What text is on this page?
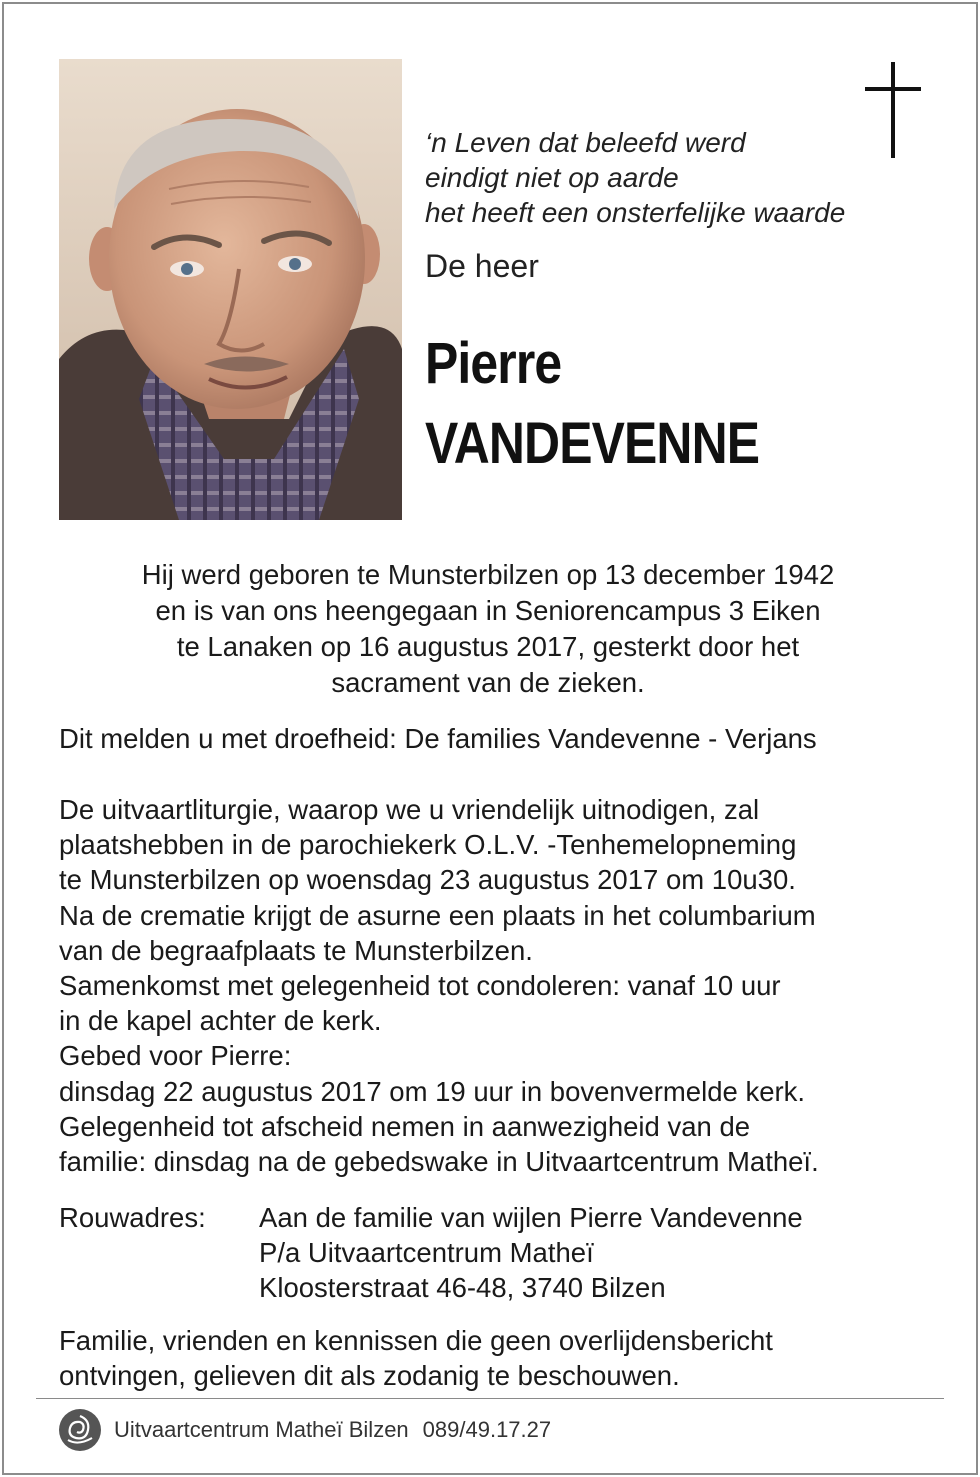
‘n Leven dat beleefd werd
eindigt niet op aarde
het heeft een onsterfelijke waarde
De heer
Pierre
VANDEVENNE
Hij werd geboren te Munsterbilzen op 13 december 1942
en is van ons heengegaan in Seniorencampus 3 Eiken
te Lanaken op 16 augustus 2017, gesterkt door het
sacrament van de zieken.
Dit melden u met droefheid: De families Vandevenne - Verjans
De uitvaartliturgie, waarop we u vriendelijk uitnodigen, zal
plaatshebben in de parochiekerk O.L.V. -Tenhemelopneming
te Munsterbilzen op woensdag 23 augustus 2017 om 10u30.
Na de crematie krijgt de asurne een plaats in het columbarium
van de begraafplaats te Munsterbilzen.
Samenkomst met gelegenheid tot condoleren: vanaf 10 uur
in de kapel achter de kerk.
Gebed voor Pierre:
dinsdag 22 augustus 2017 om 19 uur in bovenvermelde kerk.
Gelegenheid tot afscheid nemen in aanwezigheid van de
familie: dinsdag na de gebedswake in Uitvaartcentrum Matheï.
Rouwadres: Aan de familie van wijlen Pierre Vandevenne
P/a Uitvaartcentrum Matheï
Kloosterstraat 46-48, 3740 Bilzen
Familie, vrienden en kennissen die geen overlijdensbericht
ontvingen, gelieven dit als zodanig te beschouwen.
Uitvaartcentrum Matheï Bilzen 089/49.17.27
